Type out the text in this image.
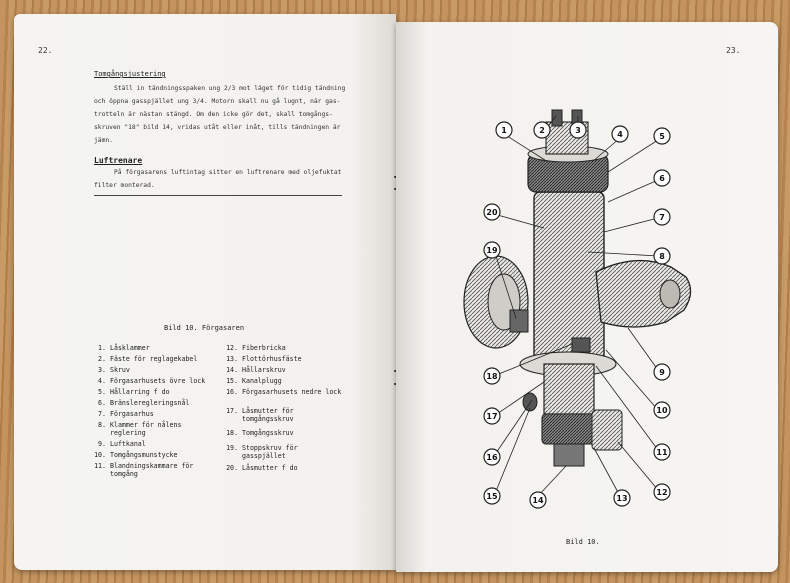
22.
Tomgångsjustering
Ställ in tändningsspaken ung 2/3 mot läget för tidig tändning
och öppna gasspjället ung 3/4. Motorn skall nu gå lugnt, när gas-
trotteln är nästan stängd. Om den icke gör det, skall tomgångs-
skruven "18" bild 14, vridas utåt eller inåt, tills tändningen är
jämn.
Luftrenare
På förgasarens luftintag sitter en luftrenare med oljefuktat
filter monterad.
Bild 10. Förgasaren
1. Låsklammer
2. Fäste för reglagekabel
3. Skruv
4. Förgasarhusets övre lock
5. Hållarring f do
6. Bränsleregleringsnål
7. Förgasarhus
8. Klammer för nålens reglering
9. Luftkanal
10. Tomgångsmunstycke
11. Blandningskammare för tomgång
12. Fiberbricka
13. Flottörhusfäste
14. Hållarskruv
15. Kanalplugg
16. Förgasarhusets nedre lock
17. Låsmutter för tomgångsskruv
18. Tomgångsskruv
19. Stoppskruv för gasspjället
20. Låsmutter f do
23.
1	2	3	4	5
6
7
8
9
10
11
12
13
14
15
16
17
18
19
20
Bild 10.
